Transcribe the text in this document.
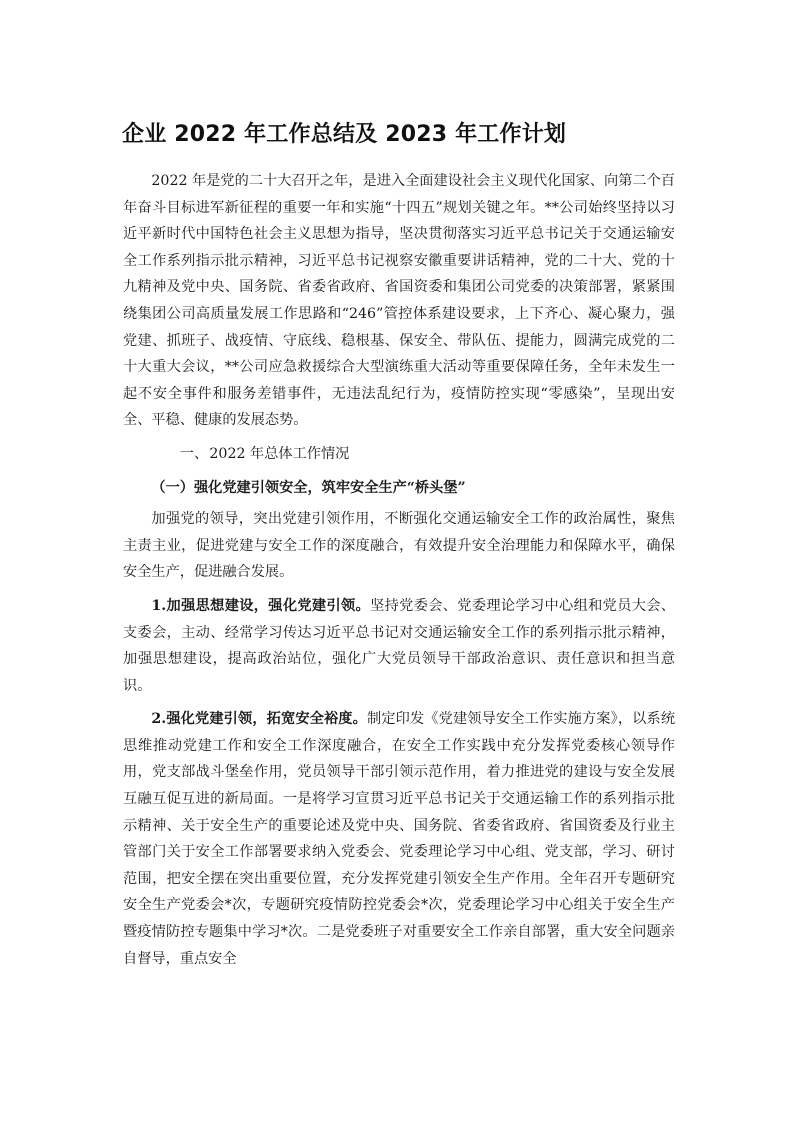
企业 2022 年工作总结及 2023 年工作计划

2022 年是党的二十大召开之年，是进入全面建设社会主义现代化国家、向第二个百年奋斗目标进军新征程的重要一年和实施“十四五”规划关键之年。**公司始终坚持以习近平新时代中国特色社会主义思想为指导，坚决贯彻落实习近平总书记关于交通运输安全工作系列指示批示精神，习近平总书记视察安徽重要讲话精神，党的二十大、党的十九精神及党中央、国务院、省委省政府、省国资委和集团公司党委的决策部署，紧紧围绕集团公司高质量发展工作思路和“246”管控体系建设要求，上下齐心、凝心聚力，强党建、抓班子、战疫情、守底线、稳根基、保安全、带队伍、提能力，圆满完成党的二十大重大会议，**公司应急救援综合大型演练重大活动等重要保障任务，全年未发生一起不安全事件和服务差错事件，无违法乱纪行为，疫情防控实现“零感染”，呈现出安全、平稳、健康的发展态势。

一、2022 年总体工作情况

（一）强化党建引领安全，筑牢安全生产“桥头堡”

加强党的领导，突出党建引领作用，不断强化交通运输安全工作的政治属性，聚焦主责主业，促进党建与安全工作的深度融合，有效提升安全治理能力和保障水平，确保安全生产，促进融合发展。

1.加强思想建设，强化党建引领。坚持党委会、党委理论学习中心组和党员大会、支委会，主动、经常学习传达习近平总书记对交通运输安全工作的系列指示批示精神，加强思想建设，提高政治站位，强化广大党员领导干部政治意识、责任意识和担当意识。

2.强化党建引领，拓宽安全裕度。制定印发《党建领导安全工作实施方案》，以系统思维推动党建工作和安全工作深度融合，在安全工作实践中充分发挥党委核心领导作用，党支部战斗堡垒作用，党员领导干部引领示范作用，着力推进党的建设与安全发展互融互促互进的新局面。一是将学习宣贯习近平总书记关于交通运输工作的系列指示批示精神、关于安全生产的重要论述及党中央、国务院、省委省政府、省国资委及行业主管部门关于安全工作部署要求纳入党委会、党委理论学习中心组、党支部，学习、研讨范围，把安全摆在突出重要位置，充分发挥党建引领安全生产作用。全年召开专题研究安全生产党委会*次，专题研究疫情防控党委会*次，党委理论学习中心组关于安全生产暨疫情防控专题集中学习*次。二是党委班子对重要安全工作亲自部署，重大安全问题亲自督导，重点安全
